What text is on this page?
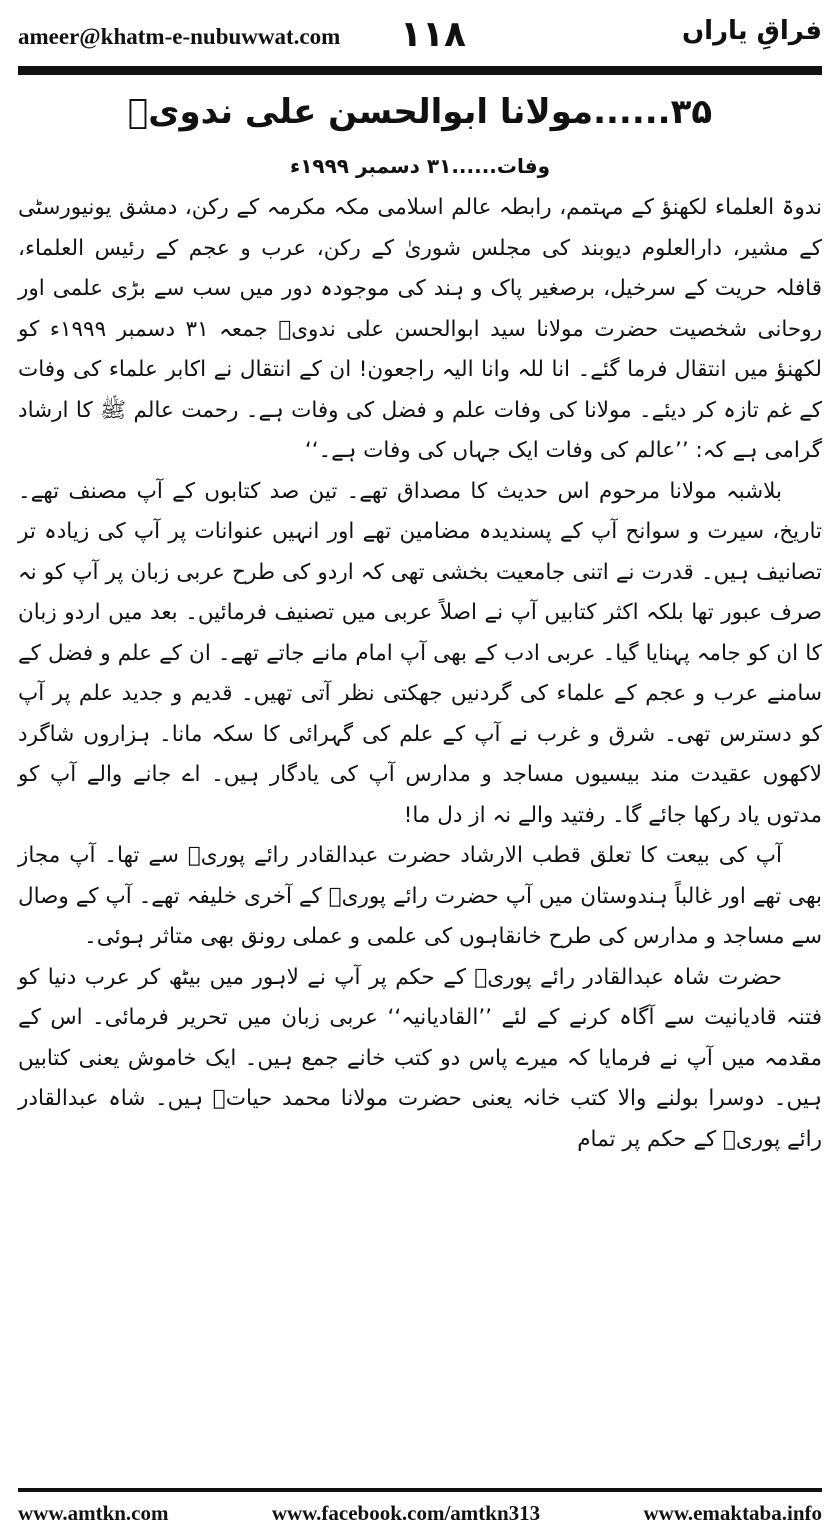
ameer@khatm-e-nubuwwat.com ۱۱۸	فراقِ یاراں
۳۵......مولانا ابوالحسن علی ندویؒ
وفات......۳۱ دسمبر ۱۹۹۹ء

ندوۃ العلماء لکھنؤ کے مہتمم، رابطہ عالم اسلامی مکہ مکرمہ کے رکن، دمشق یونیورسٹی کے مشیر، دارالعلوم دیوبند کی مجلس شوریٰ کے رکن، عرب و عجم کے رئیس العلماء، قافلہ حریت کے سرخیل، برصغیر پاک و ہند کی موجودہ دور میں سب سے بڑی علمی اور روحانی شخصیت حضرت مولانا سید ابوالحسن علی ندویؒ جمعہ ۳۱ دسمبر ۱۹۹۹ء کو لکھنؤ میں انتقال فرما گئے۔ انا للہ وانا الیہ راجعون! ان کے انتقال نے اکابر علماء کی وفات کے غم تازہ کر دیئے۔ مولانا کی وفات علم و فضل کی وفات ہے۔ رحمت عالم ﷺ کا ارشاد گرامی ہے کہ: ’’عالم کی وفات ایک جہاں کی وفات ہے۔‘‘

بلاشبہ مولانا مرحوم اس حدیث کا مصداق تھے۔ تین صد کتابوں کے آپ مصنف تھے۔ تاریخ، سیرت و سوانح آپ کے پسندیدہ مضامین تھے اور انہیں عنوانات پر آپ کی زیادہ تر تصانیف ہیں۔ قدرت نے اتنی جامعیت بخشی تھی کہ اردو کی طرح عربی زبان پر آپ کو نہ صرف عبور تھا بلکہ اکثر کتابیں آپ نے اصلاً عربی میں تصنیف فرمائیں۔ بعد میں اردو زبان کا ان کو جامہ پہنایا گیا۔ عربی ادب کے بھی آپ امام مانے جاتے تھے۔ ان کے علم و فضل کے سامنے عرب و عجم کے علماء کی گردنیں جھکتی نظر آتی تھیں۔ قدیم و جدید علم پر آپ کو دسترس تھی۔ شرق و غرب نے آپ کے علم کی گہرائی کا سکہ مانا۔ ہزاروں شاگرد لاکھوں عقیدت مند بیسیوں مساجد و مدارس آپ کی یادگار ہیں۔ اے جانے والے آپ کو مدتوں یاد رکھا جائے گا۔ رفتید والے نہ از دل ما!

آپ کی بیعت کا تعلق قطب الارشاد حضرت عبدالقادر رائے پوریؒ سے تھا۔ آپ مجاز بھی تھے اور غالباً ہندوستان میں آپ حضرت رائے پوریؒ کے آخری خلیفہ تھے۔ آپ کے وصال سے مساجد و مدارس کی طرح خانقاہوں کی علمی و عملی رونق بھی متاثر ہوئی۔

حضرت شاہ عبدالقادر رائے پوریؒ کے حکم پر آپ نے لاہور میں بیٹھ کر عرب دنیا کو فتنہ قادیانیت سے آگاہ کرنے کے لئے ’’القادیانیہ‘‘ عربی زبان میں تحریر فرمائی۔ اس کے مقدمہ میں آپ نے فرمایا کہ میرے پاس دو کتب خانے جمع ہیں۔ ایک خاموش یعنی کتابیں ہیں۔ دوسرا بولنے والا کتب خانہ یعنی حضرت مولانا محمد حیاتؒ ہیں۔ شاہ عبدالقادر رائے پوریؒ کے حکم پر تمام

www.amtkn.com	www.facebook.com/amtkn313	www.emaktaba.info
